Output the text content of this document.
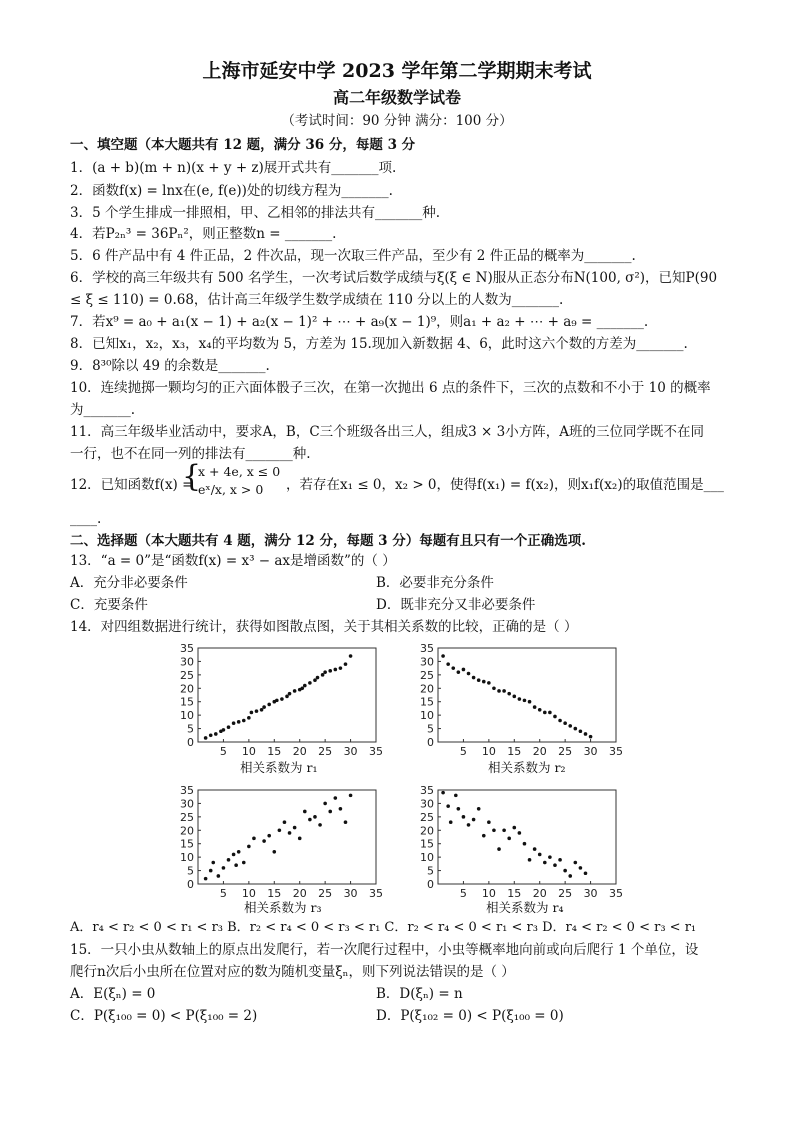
上海市延安中学 2023 学年第二学期期末考试
高二年级数学试卷
（考试时间：90 分钟 满分：100 分）
一、填空题（本大题共有 12 题，满分 36 分，每题 3 分
1．(a + b)(m + n)(x + y + z)展开式共有_______项.
2．函数f(x) = lnx在(e, f(e))处的切线方程为_______.
3．5 个学生排成一排照相，甲、乙相邻的排法共有_______种.
4．若P₂ₙ³ = 36Pₙ²，则正整数n = _______.
5．6 件产品中有 4 件正品，2 件次品，现一次取三件产品，至少有 2 件正品的概率为_______.
6．学校的高三年级共有 500 名学生，一次考试后数学成绩与ξ(ξ ∈ N)服从正态分布N(100, σ²)，已知P(90
≤ ξ ≤ 110) = 0.68，估计高三年级学生数学成绩在 110 分以上的人数为_______.
7．若x⁹ = a₀ + a₁(x − 1) + a₂(x − 1)² + ⋯ + a₉(x − 1)⁹，则a₁ + a₂ + ⋯ + a₉ = _______.
8．已知x₁，x₂，x₃，x₄的平均数为 5，方差为 15.现加入新数据 4、6，此时这六个数的方差为_______.
9．8³⁰除以 49 的余数是_______.
10．连续抛掷一颗均匀的正六面体骰子三次，在第一次抛出 6 点的条件下，三次的点数和不小于 10 的概率
为_______.
11．高三年级毕业活动中，要求A，B，C三个班级各出三人，组成3 × 3小方阵，A班的三位同学既不在同
一行，也不在同一列的排法有_______种.
12．已知函数f(x) =
{
x + 4e, x ≤ 0
eˣ/x, x > 0 ，若存在x₁ ≤ 0，x₂ > 0，使得f(x₁) = f(x₂)，则x₁f(x₂)的取值范围是___
____.
二、选择题（本大题共有 4 题，满分 12 分，每题 3 分）每题有且只有一个正确选项.
13．“a = 0”是“函数f(x) = x³ − ax是增函数”的（ ）
A．充分非必要条件	B．必要非充分条件
C．充要条件	D．既非充分又非必要条件
14．对四组数据进行统计，获得如图散点图，关于其相关系数的比较，正确的是（ ）
0
5
10
15
20
25
30
35
5 10 15 20 25 30 35
0
5
10
15
20
25
30
35
5 10 15 20 25 30 35
0
5
10
15
20
25
30
35
5 10 15 20 25 30 35
0
5
10
15
20
25
30
35
5 10 15 20 25 30 35
相关系数为 r₁	相关系数为 r₂
相关系数为 r₃	相关系数为 r₄
A．r₄ < r₂ < 0 < r₁ < r₃ B．r₂ < r₄ < 0 < r₃ < r₁ C．r₂ < r₄ < 0 < r₁ < r₃ D．r₄ < r₂ < 0 < r₃ < r₁
15．一只小虫从数轴上的原点出发爬行，若一次爬行过程中，小虫等概率地向前或向后爬行 1 个单位，设
爬行n次后小虫所在位置对应的数为随机变量ξₙ，则下列说法错误的是（ ）
A．E(ξₙ) = 0	B．D(ξₙ) = n
C．P(ξ₁₀₀ = 0) < P(ξ₁₀₀ = 2)	D．P(ξ₁₀₂ = 0) < P(ξ₁₀₀ = 0)
